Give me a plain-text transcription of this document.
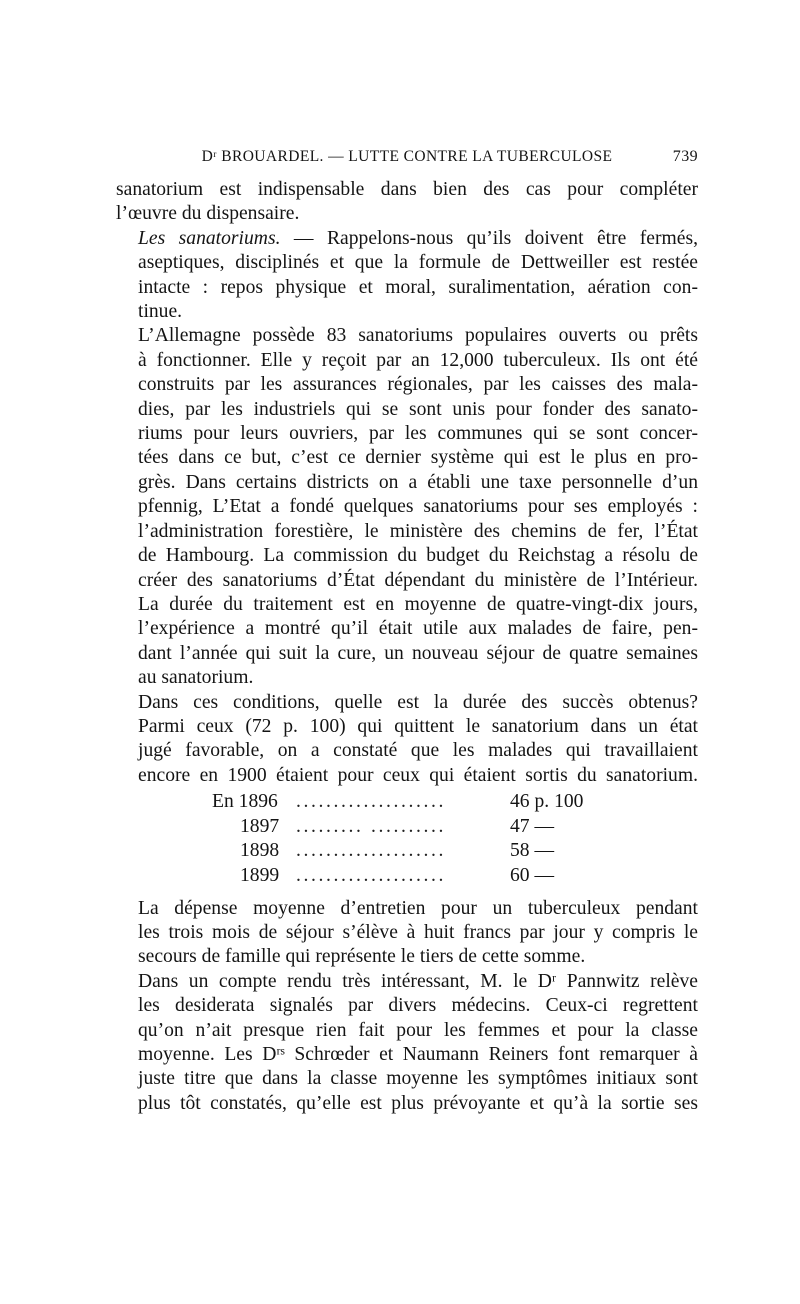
Dʳ BROUARDEL. — LUTTE CONTRE LA TUBERCULOSE	739

sanatorium est indispensable dans bien des cas pour compléter
l’œuvre du dispensaire.

Les sanatoriums. — Rappelons-nous qu’ils doivent être fermés,
aseptiques, disciplinés et que la formule de Dettweiller est restée
intacte : repos physique et moral, suralimentation, aération con-
tinue.

L’Allemagne possède 83 sanatoriums populaires ouverts ou prêts
à fonctionner. Elle y reçoit par an 12,000 tuberculeux. Ils ont été
construits par les assurances régionales, par les caisses des mala-
dies, par les industriels qui se sont unis pour fonder des sanato-
riums pour leurs ouvriers, par les communes qui se sont concer-
tées dans ce but, c’est ce dernier système qui est le plus en pro-
grès. Dans certains districts on a établi une taxe personnelle d’un
pfennig, L’Etat a fondé quelques sanatoriums pour ses employés :
l’administration forestière, le ministère des chemins de fer, l’État
de Hambourg. La commission du budget du Reichstag a résolu de
créer des sanatoriums d’État dépendant du ministère de l’Intérieur.
La durée du traitement est en moyenne de quatre-vingt-dix jours,
l’expérience a montré qu’il était utile aux malades de faire, pen-
dant l’année qui suit la cure, un nouveau séjour de quatre semaines
au sanatorium.

Dans ces conditions, quelle est la durée des succès obtenus?
Parmi ceux (72 p. 100) qui quittent le sanatorium dans un état
jugé favorable, on a constaté que les malades qui travaillaient
encore en 1900 étaient pour ceux qui étaient sortis du sanatorium.

En 1896 ....................	46 p. 100
1897 ......... ..........	47 —
1898 ....................	58 —
1899 ....................	60 —

La dépense moyenne d’entretien pour un tuberculeux pendant
les trois mois de séjour s’élève à huit francs par jour y compris le
secours de famille qui représente le tiers de cette somme.

Dans un compte rendu très intéressant, M. le Dʳ Pannwitz relève
les desiderata signalés par divers médecins. Ceux-ci regrettent
qu’on n’ait presque rien fait pour les femmes et pour la classe
moyenne. Les Dʳˢ Schrœder et Naumann Reiners font remarquer à
juste titre que dans la classe moyenne les symptômes initiaux sont
plus tôt constatés, qu’elle est plus prévoyante et qu’à la sortie ses
